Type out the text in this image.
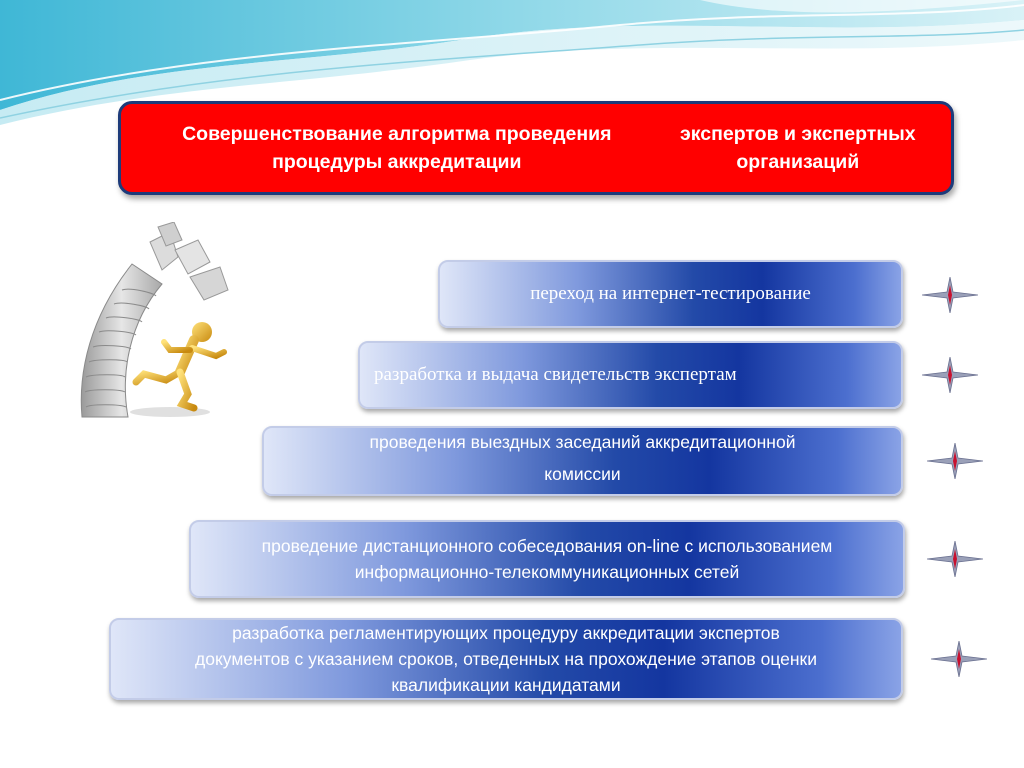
Совершенствование алгоритма проведения процедуры аккредитации
экспертов и экспертных организаций
переход на интернет-тестирование
разработка и выдача свидетельств экспертам
проведения выездных заседаний аккредитационной
комиссии
проведение дистанционного собеседования on-line с использованием
информационно-телекоммуникационных сетей
разработка регламентирующих процедуру аккредитации экспертов
документов с указанием сроков, отведенных на прохождение этапов оценки
квалификации кандидатами
